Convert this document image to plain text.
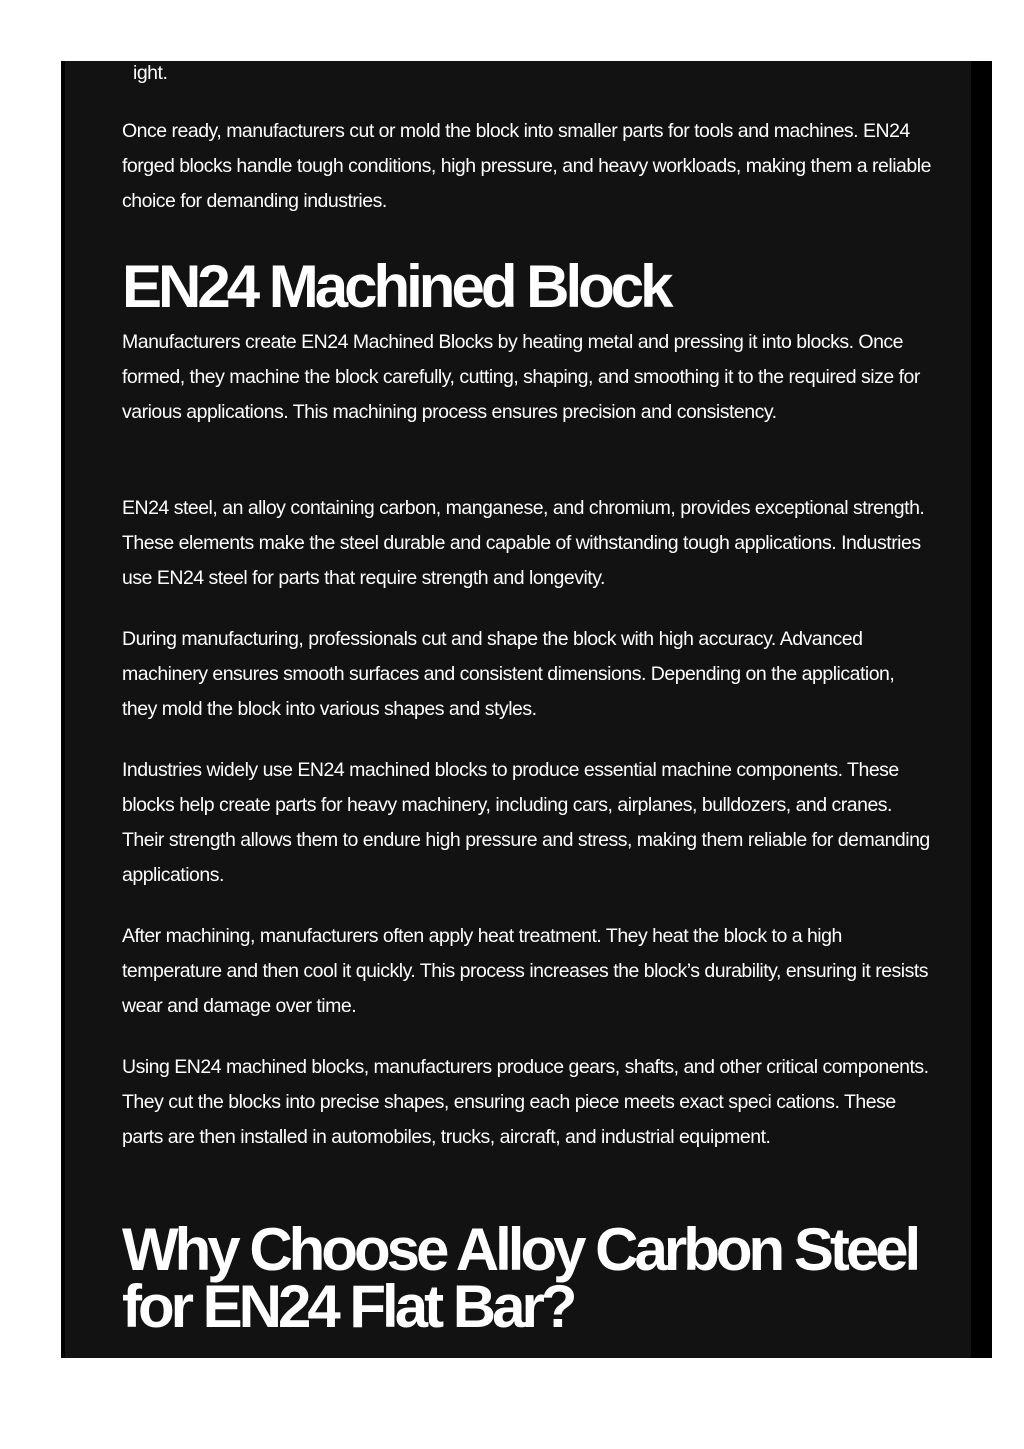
ight.
Once ready, manufacturers cut or mold the block into smaller parts for tools and machines. EN24 forged blocks handle tough conditions, high pressure, and heavy workloads, making them a reliable choice for demanding industries.
EN24 Machined Block
Manufacturers create EN24 Machined Blocks by heating metal and pressing it into blocks. Once formed, they machine the block carefully, cutting, shaping, and smoothing it to the required size for various applications. This machining process ensures precision and consistency.
EN24 steel, an alloy containing carbon, manganese, and chromium, provides exceptional strength. These elements make the steel durable and capable of withstanding tough applications. Industries use EN24 steel for parts that require strength and longevity.
During manufacturing, professionals cut and shape the block with high accuracy. Advanced machinery ensures smooth surfaces and consistent dimensions. Depending on the application, they mold the block into various shapes and styles.
Industries widely use EN24 machined blocks to produce essential machine components. These blocks help create parts for heavy machinery, including cars, airplanes, bulldozers, and cranes. Their strength allows them to endure high pressure and stress, making them reliable for demanding applications.
After machining, manufacturers often apply heat treatment. They heat the block to a high temperature and then cool it quickly. This process increases the block’s durability, ensuring it resists wear and damage over time.
Using EN24 machined blocks, manufacturers produce gears, shafts, and other critical components. They cut the blocks into precise shapes, ensuring each piece meets exact speci cations. These parts are then installed in automobiles, trucks, aircraft, and industrial equipment.
Why Choose Alloy Carbon Steel for EN24 Flat Bar?
